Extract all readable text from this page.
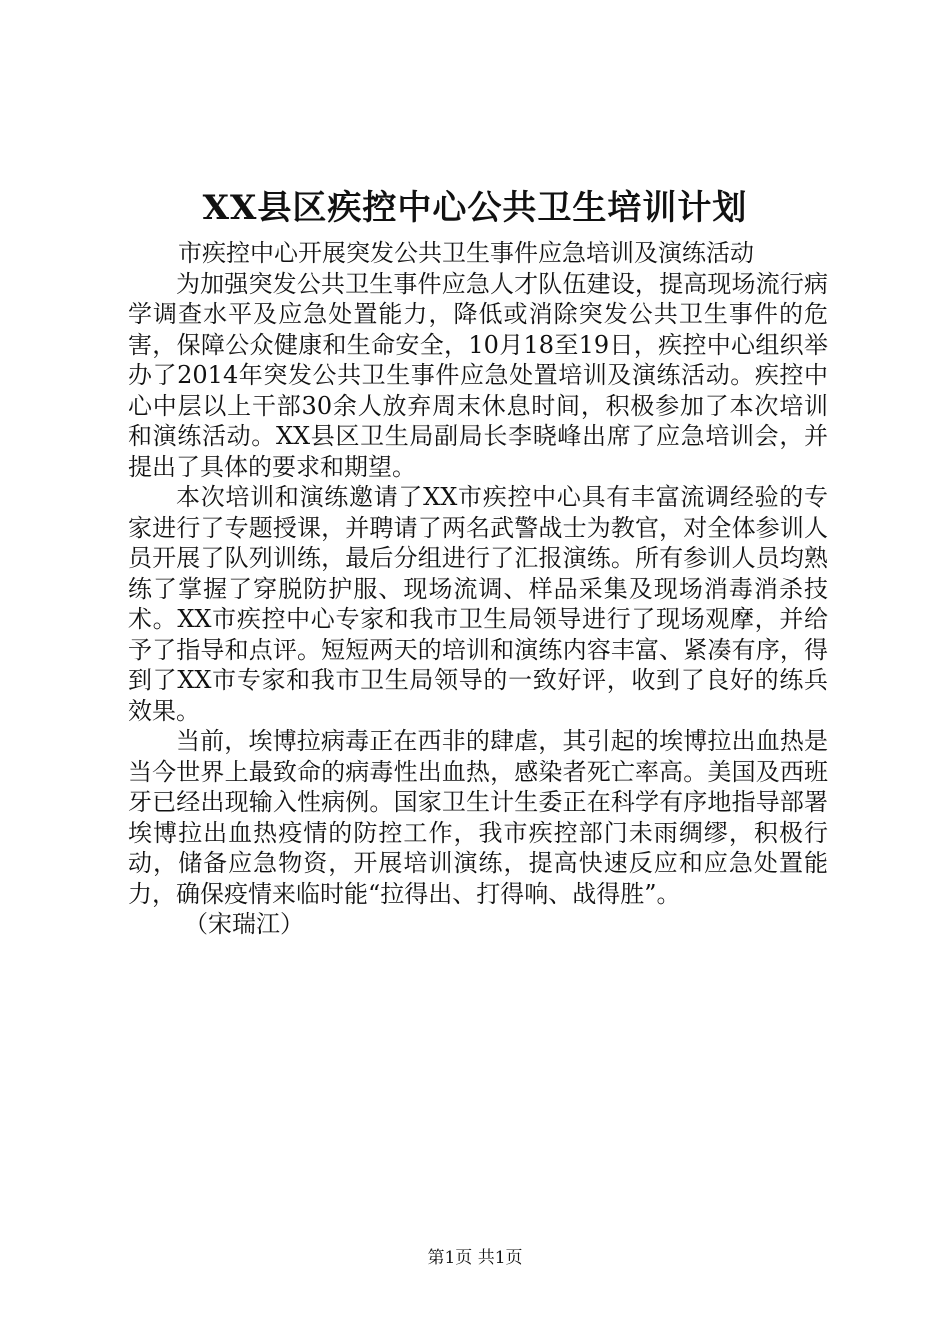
XX县区疾控中心公共卫生培训计划

市疾控中心开展突发公共卫生事件应急培训及演练活动

为加强突发公共卫生事件应急人才队伍建设，提高现场流行病学调查水平及应急处置能力，降低或消除突发公共卫生事件的危害，保障公众健康和生命安全，10月18至19日，疾控中心组织举办了2014年突发公共卫生事件应急处置培训及演练活动。疾控中心中层以上干部30余人放弃周末休息时间，积极参加了本次培训和演练活动。XX县区卫生局副局长李晓峰出席了应急培训会，并提出了具体的要求和期望。

本次培训和演练邀请了XX市疾控中心具有丰富流调经验的专家进行了专题授课，并聘请了两名武警战士为教官，对全体参训人员开展了队列训练，最后分组进行了汇报演练。所有参训人员均熟练了掌握了穿脱防护服、现场流调、样品采集及现场消毒消杀技术。XX市疾控中心专家和我市卫生局领导进行了现场观摩，并给予了指导和点评。短短两天的培训和演练内容丰富、紧凑有序，得到了XX市专家和我市卫生局领导的一致好评，收到了良好的练兵效果。

当前，埃博拉病毒正在西非的肆虐，其引起的埃博拉出血热是当今世界上最致命的病毒性出血热，感染者死亡率高。美国及西班牙已经出现输入性病例。国家卫生计生委正在科学有序地指导部署埃博拉出血热疫情的防控工作，我市疾控部门未雨绸缪，积极行动，储备应急物资，开展培训演练，提高快速反应和应急处置能力，确保疫情来临时能“拉得出、打得响、战得胜”。

（宋瑞江）

第1页 共1页
